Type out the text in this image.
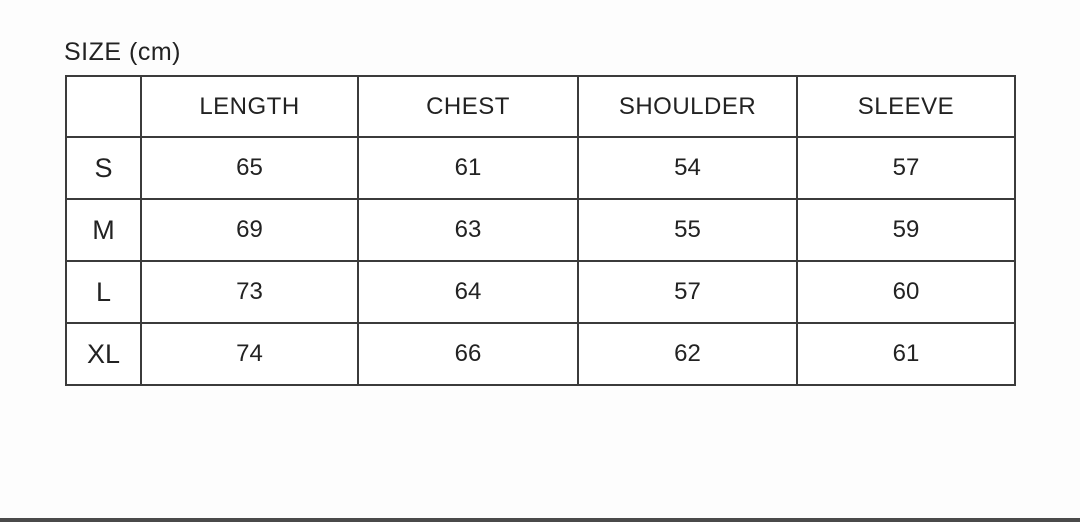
SIZE (cm)
	LENGTH	CHEST	SHOULDER	SLEEVE
S	65	61	54	57
M	69	63	55	59
L	73	64	57	60
XL	74	66	62	61
